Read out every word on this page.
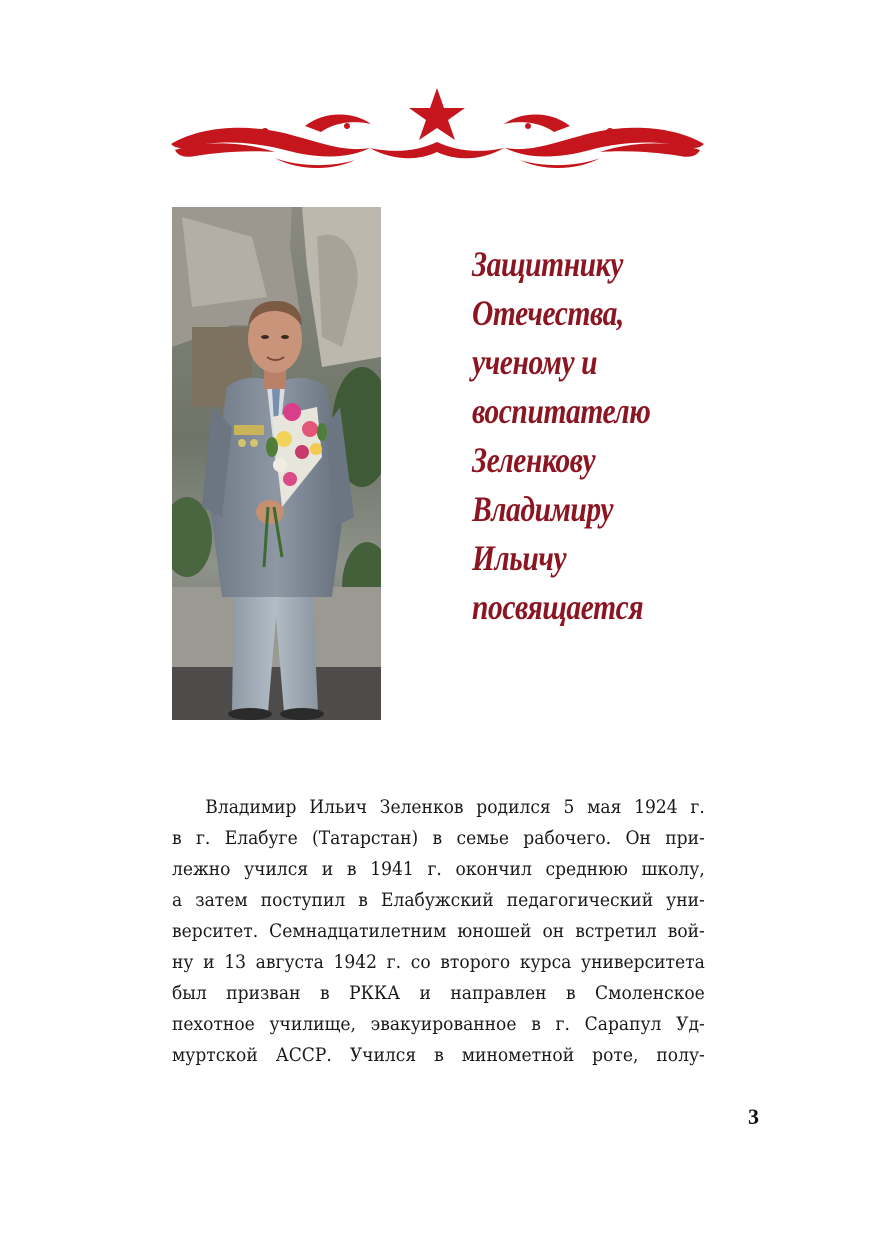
Защитнику
Отечества,
ученому и
воспитателю
Зеленкову
Владимиру
Ильичу
посвящается
Владимир Ильич Зеленков родился 5 мая 1924 г.
в г. Елабуге (Татарстан) в семье рабочего. Он при-
лежно учился и в 1941 г. окончил среднюю школу,
а затем поступил в Елабужский педагогический уни-
верситет. Семнадцатилетним юношей он встретил вой-
ну и 13 августа 1942 г. со второго курса университета
был призван в РККА и направлен в Смоленское
пехотное училище, эвакуированное в г. Сарапул Уд-
муртской АССР. Учился в минометной роте, полу-
3
